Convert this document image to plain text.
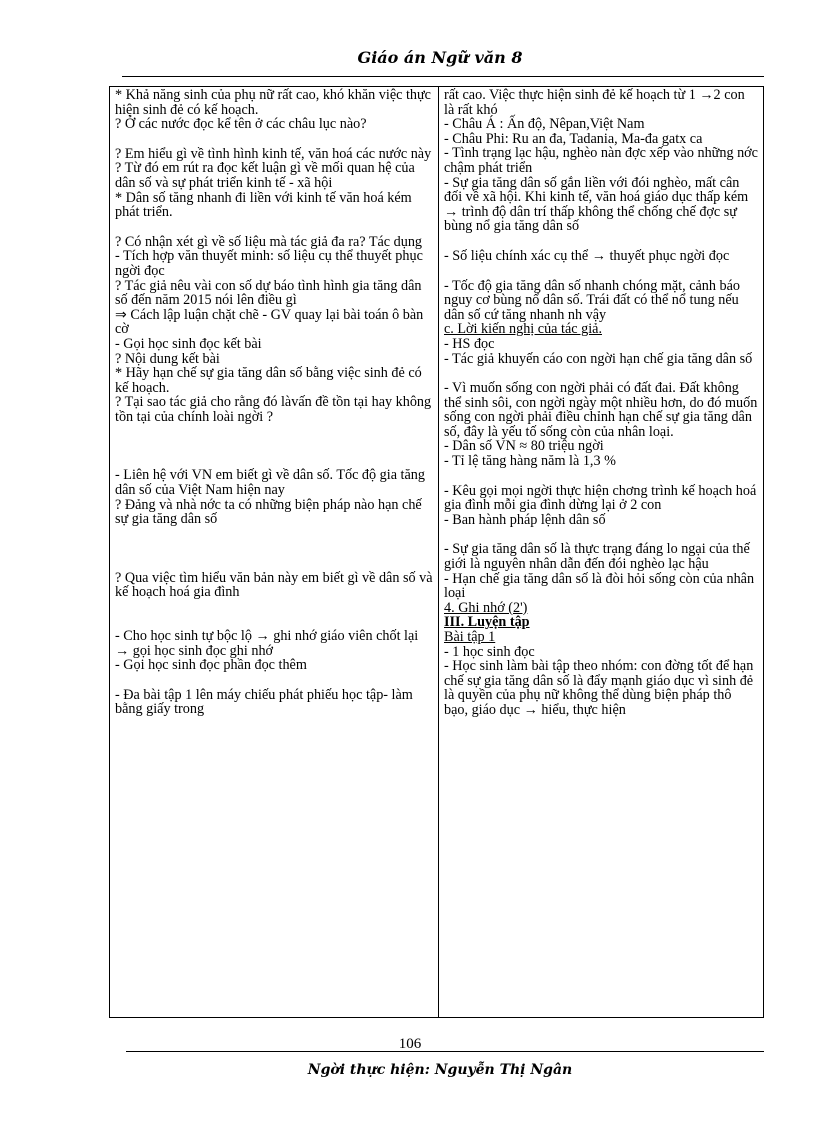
Giáo án Ngữ văn 8

* Khả năng sinh của phụ nữ rất cao, khó khăn việc thực hiện sinh đẻ có kế hoạch.

? Ở các nước đọc kể tên ở các châu lục nào?

? Em hiểu gì về tình hình kinh tế, văn hoá các nước này

? Từ đó em rút ra đọc kết luận gì về mối quan hệ của dân số và sự phát triển kinh tế - xã hội

* Dân số tăng nhanh đi liền với kinh tế văn hoá kém phát triển.

? Có nhận xét gì về số liệu mà tác giả đa ra? Tác dụng

- Tích hợp văn thuyết minh: số liệu cụ thể thuyết phục ngời đọc

? Tác giả nêu vài con số dự báo tình hình gia tăng dân số đến năm 2015 nói lên điều gì

⇒ Cách lập luận chặt chẽ - GV quay lại bài toán ô bàn cờ

- Gọi học sinh đọc kết bài

? Nội dung kết bài

* Hãy hạn chế sự gia tăng dân số bằng việc sinh đẻ có kế hoạch.

? Tại sao tác giả cho rằng đó làvấn đề tồn tại hay không tồn tại của chính loài ngời ?

- Liên hệ với VN em biết gì về dân số. Tốc độ gia tăng dân số của Việt Nam hiện nay

? Đảng và nhà nớc ta có những biện pháp nào hạn chế sự gia tăng dân số

? Qua việc tìm hiểu văn bản này em biết gì về dân số và kế hoạch hoá gia đình

- Cho học sinh tự bộc lộ → ghi nhớ giáo viên chốt lại → gọi học sinh đọc ghi nhớ

- Gọi học sinh đọc phần đọc thêm

- Đa bài tập 1 lên máy chiếu phát phiếu học tập- làm bằng giấy trong

rất cao. Việc thực hiện sinh đẻ kế hoạch từ 1 →2 con là rất khó

- Châu Á : Ấn độ, Nêpan,Việt Nam

- Châu Phi: Ru an đa, Tadania, Ma-đa gatx ca

- Tình trạng lạc hậu, nghèo nàn đợc xếp vào những nớc chậm phát triển

- Sự gia tăng dân số gắn liền với đói nghèo, mất cân đối về xã hội. Khi kinh tế, văn hoá giáo dục thấp kém → trình độ dân trí thấp không thể chống chế đợc sự bùng nổ gia tăng dân số

- Số liệu chính xác cụ thể → thuyết phục ngời đọc

- Tốc độ gia tăng dân số nhanh chóng mặt, cảnh báo nguy cơ bùng nổ dân số. Trái đất có thể nổ tung nếu dân số cứ tăng nhanh nh vậy

c. Lời kiến nghị của tác giả.

- HS đọc

- Tác giả khuyến cáo con ngời hạn chế gia tăng dân số

- Vì muốn sống con ngời phải có đất đai. Đất không thể sinh sôi, con ngời ngày một nhiều hơn, do đó muốn sống con ngời phải điều chỉnh hạn chế sự gia tăng dân số, đây là yếu tố sống còn của nhân loại.

- Dân số VN ≈ 80 triệu ngời

- Tỉ lệ tăng hàng năm là 1,3 %

- Kêu gọi mọi ngời thực hiện chơng trình kế hoạch hoá gia đình mỗi gia đình dừng lại ở 2 con

- Ban hành pháp lệnh dân số

- Sự gia tăng dân số là thực trạng đáng lo ngại của thế giới là nguyên nhân dẫn đến đói nghèo lạc hậu

- Hạn chế gia tăng dân số là đòi hỏi sống còn của nhân loại

4. Ghi nhớ (2')

III. Luyện tập

Bài tập 1

- 1 học sinh đọc

- Học sinh làm bài tập theo nhóm: con đờng tốt để hạn chế sự gia tăng dân số là đẩy mạnh giáo dục vì sinh đẻ là quyền của phụ nữ không thể dùng biện pháp thô bạo, giáo dục → hiểu, thực hiện

106
Ngời thực hiện: Nguyễn Thị Ngân
